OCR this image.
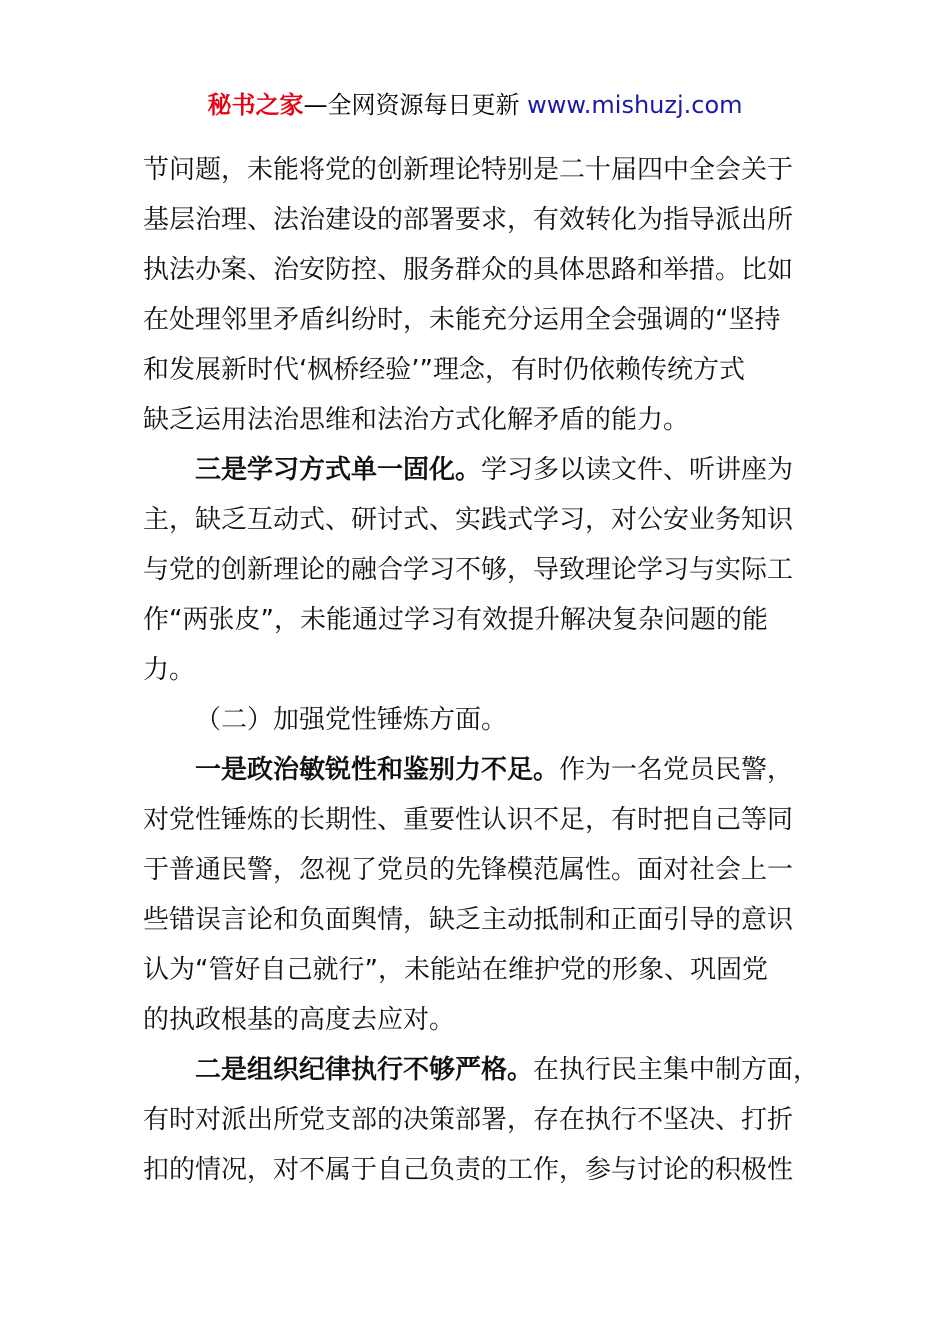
秘书之家—全网资源每日更新 www.mishuzj.com
节问题，未能将党的创新理论特别是二十届四中全会关于
基层治理、法治建设的部署要求，有效转化为指导派出所
执法办案、治安防控、服务群众的具体思路和举措。比如
在处理邻里矛盾纠纷时，未能充分运用全会强调的“坚持
和发展新时代‘枫桥经验’”理念，有时仍依赖传统方式
缺乏运用法治思维和法治方式化解矛盾的能力。
三是学习方式单一固化。学习多以读文件、听讲座为
主，缺乏互动式、研讨式、实践式学习，对公安业务知识
与党的创新理论的融合学习不够，导致理论学习与实际工
作“两张皮”，未能通过学习有效提升解决复杂问题的能
力。
（二）加强党性锤炼方面。
一是政治敏锐性和鉴别力不足。作为一名党员民警，
对党性锤炼的长期性、重要性认识不足，有时把自己等同
于普通民警，忽视了党员的先锋模范属性。面对社会上一
些错误言论和负面舆情，缺乏主动抵制和正面引导的意识
认为“管好自己就行”，未能站在维护党的形象、巩固党
的执政根基的高度去应对。
二是组织纪律执行不够严格。在执行民主集中制方面，
有时对派出所党支部的决策部署，存在执行不坚决、打折
扣的情况，对不属于自己负责的工作，参与讨论的积极性
